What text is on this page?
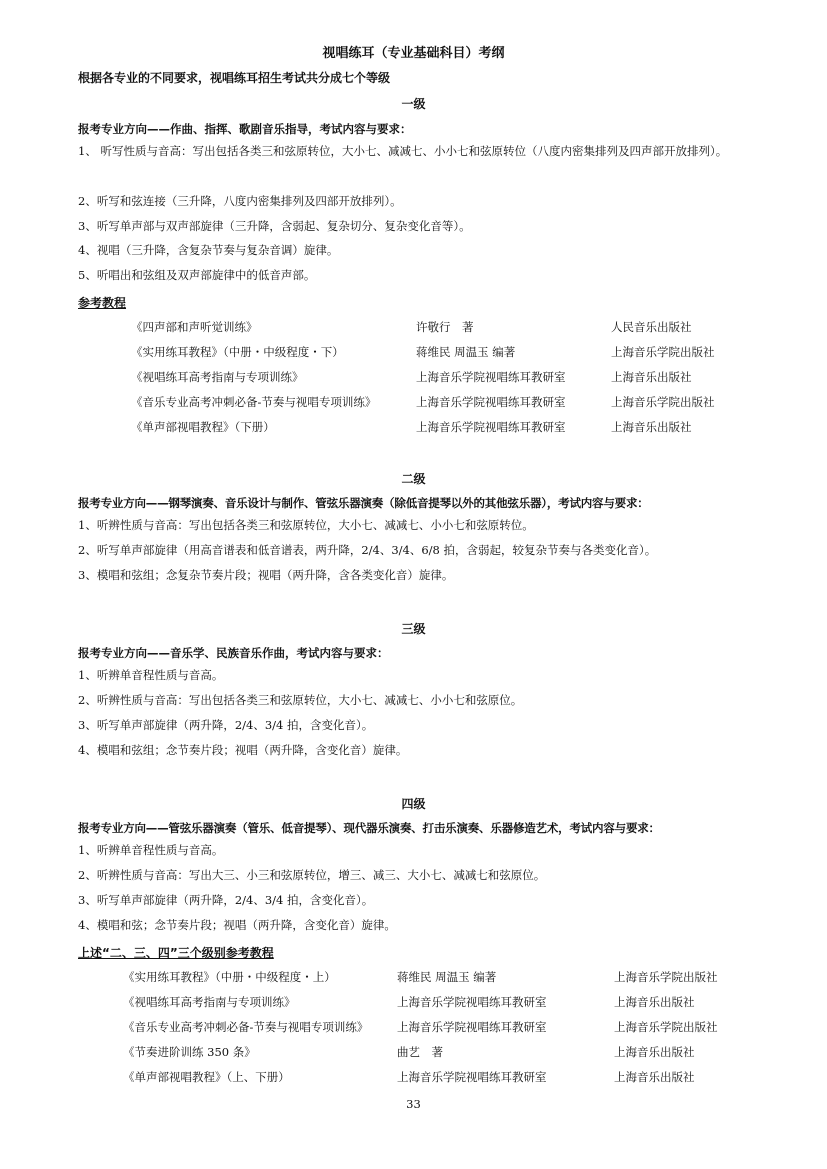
视唱练耳（专业基础科目）考纲
根据各专业的不同要求，视唱练耳招生考试共分成七个等级
一级
报考专业方向——作曲、指挥、歌剧音乐指导，考试内容与要求：
1、 听写性质与音高：写出包括各类三和弦原转位，大小七、减减七、小小七和弦原转位（八度内密集排列及四声部开放排列）。
2、听写和弦连接（三升降，八度内密集排列及四部开放排列）。
3、听写单声部与双声部旋律（三升降，含弱起、复杂切分、复杂变化音等）。
4、视唱（三升降，含复杂节奏与复杂音调）旋律。
5、听唱出和弦组及双声部旋律中的低音声部。
参考教程
《四声部和声听觉训练》	许敬行　著	人民音乐出版社
《实用练耳教程》（中册・中级程度・下）	蒋维民 周温玉 编著	上海音乐学院出版社
《视唱练耳高考指南与专项训练》	上海音乐学院视唱练耳教研室	上海音乐出版社
《音乐专业高考冲刺必备-节奏与视唱专项训练》	上海音乐学院视唱练耳教研室	上海音乐学院出版社
《单声部视唱教程》（下册）	上海音乐学院视唱练耳教研室	上海音乐出版社
二级
报考专业方向——钢琴演奏、音乐设计与制作、管弦乐器演奏（除低音提琴以外的其他弦乐器），考试内容与要求：
1、听辨性质与音高：写出包括各类三和弦原转位，大小七、减减七、小小七和弦原转位。
2、听写单声部旋律（用高音谱表和低音谱表，两升降，2/4、3/4、6/8 拍，含弱起，较复杂节奏与各类变化音）。
3、模唱和弦组；念复杂节奏片段；视唱（两升降，含各类变化音）旋律。
三级
报考专业方向——音乐学、民族音乐作曲，考试内容与要求：
1、听辨单音程性质与音高。
2、听辨性质与音高：写出包括各类三和弦原转位，大小七、减减七、小小七和弦原位。
3、听写单声部旋律（两升降，2/4、3/4 拍，含变化音）。
4、模唱和弦组；念节奏片段；视唱（两升降，含变化音）旋律。
四级
报考专业方向——管弦乐器演奏（管乐、低音提琴）、现代器乐演奏、打击乐演奏、乐器修造艺术，考试内容与要求：
1、听辨单音程性质与音高。
2、听辨性质与音高：写出大三、小三和弦原转位，增三、减三、大小七、减减七和弦原位。
3、听写单声部旋律（两升降，2/4、3/4 拍，含变化音）。
4、模唱和弦；念节奏片段；视唱（两升降，含变化音）旋律。
上述“二、三、四”三个级别参考教程
《实用练耳教程》（中册・中级程度・上）	蒋维民 周温玉 编著	上海音乐学院出版社
《视唱练耳高考指南与专项训练》	上海音乐学院视唱练耳教研室	上海音乐出版社
《音乐专业高考冲刺必备-节奏与视唱专项训练》 上海音乐学院视唱练耳教研室	上海音乐学院出版社
《节奏进阶训练 350 条》	曲艺　著	上海音乐出版社
《单声部视唱教程》（上、下册）	上海音乐学院视唱练耳教研室	上海音乐出版社
33
